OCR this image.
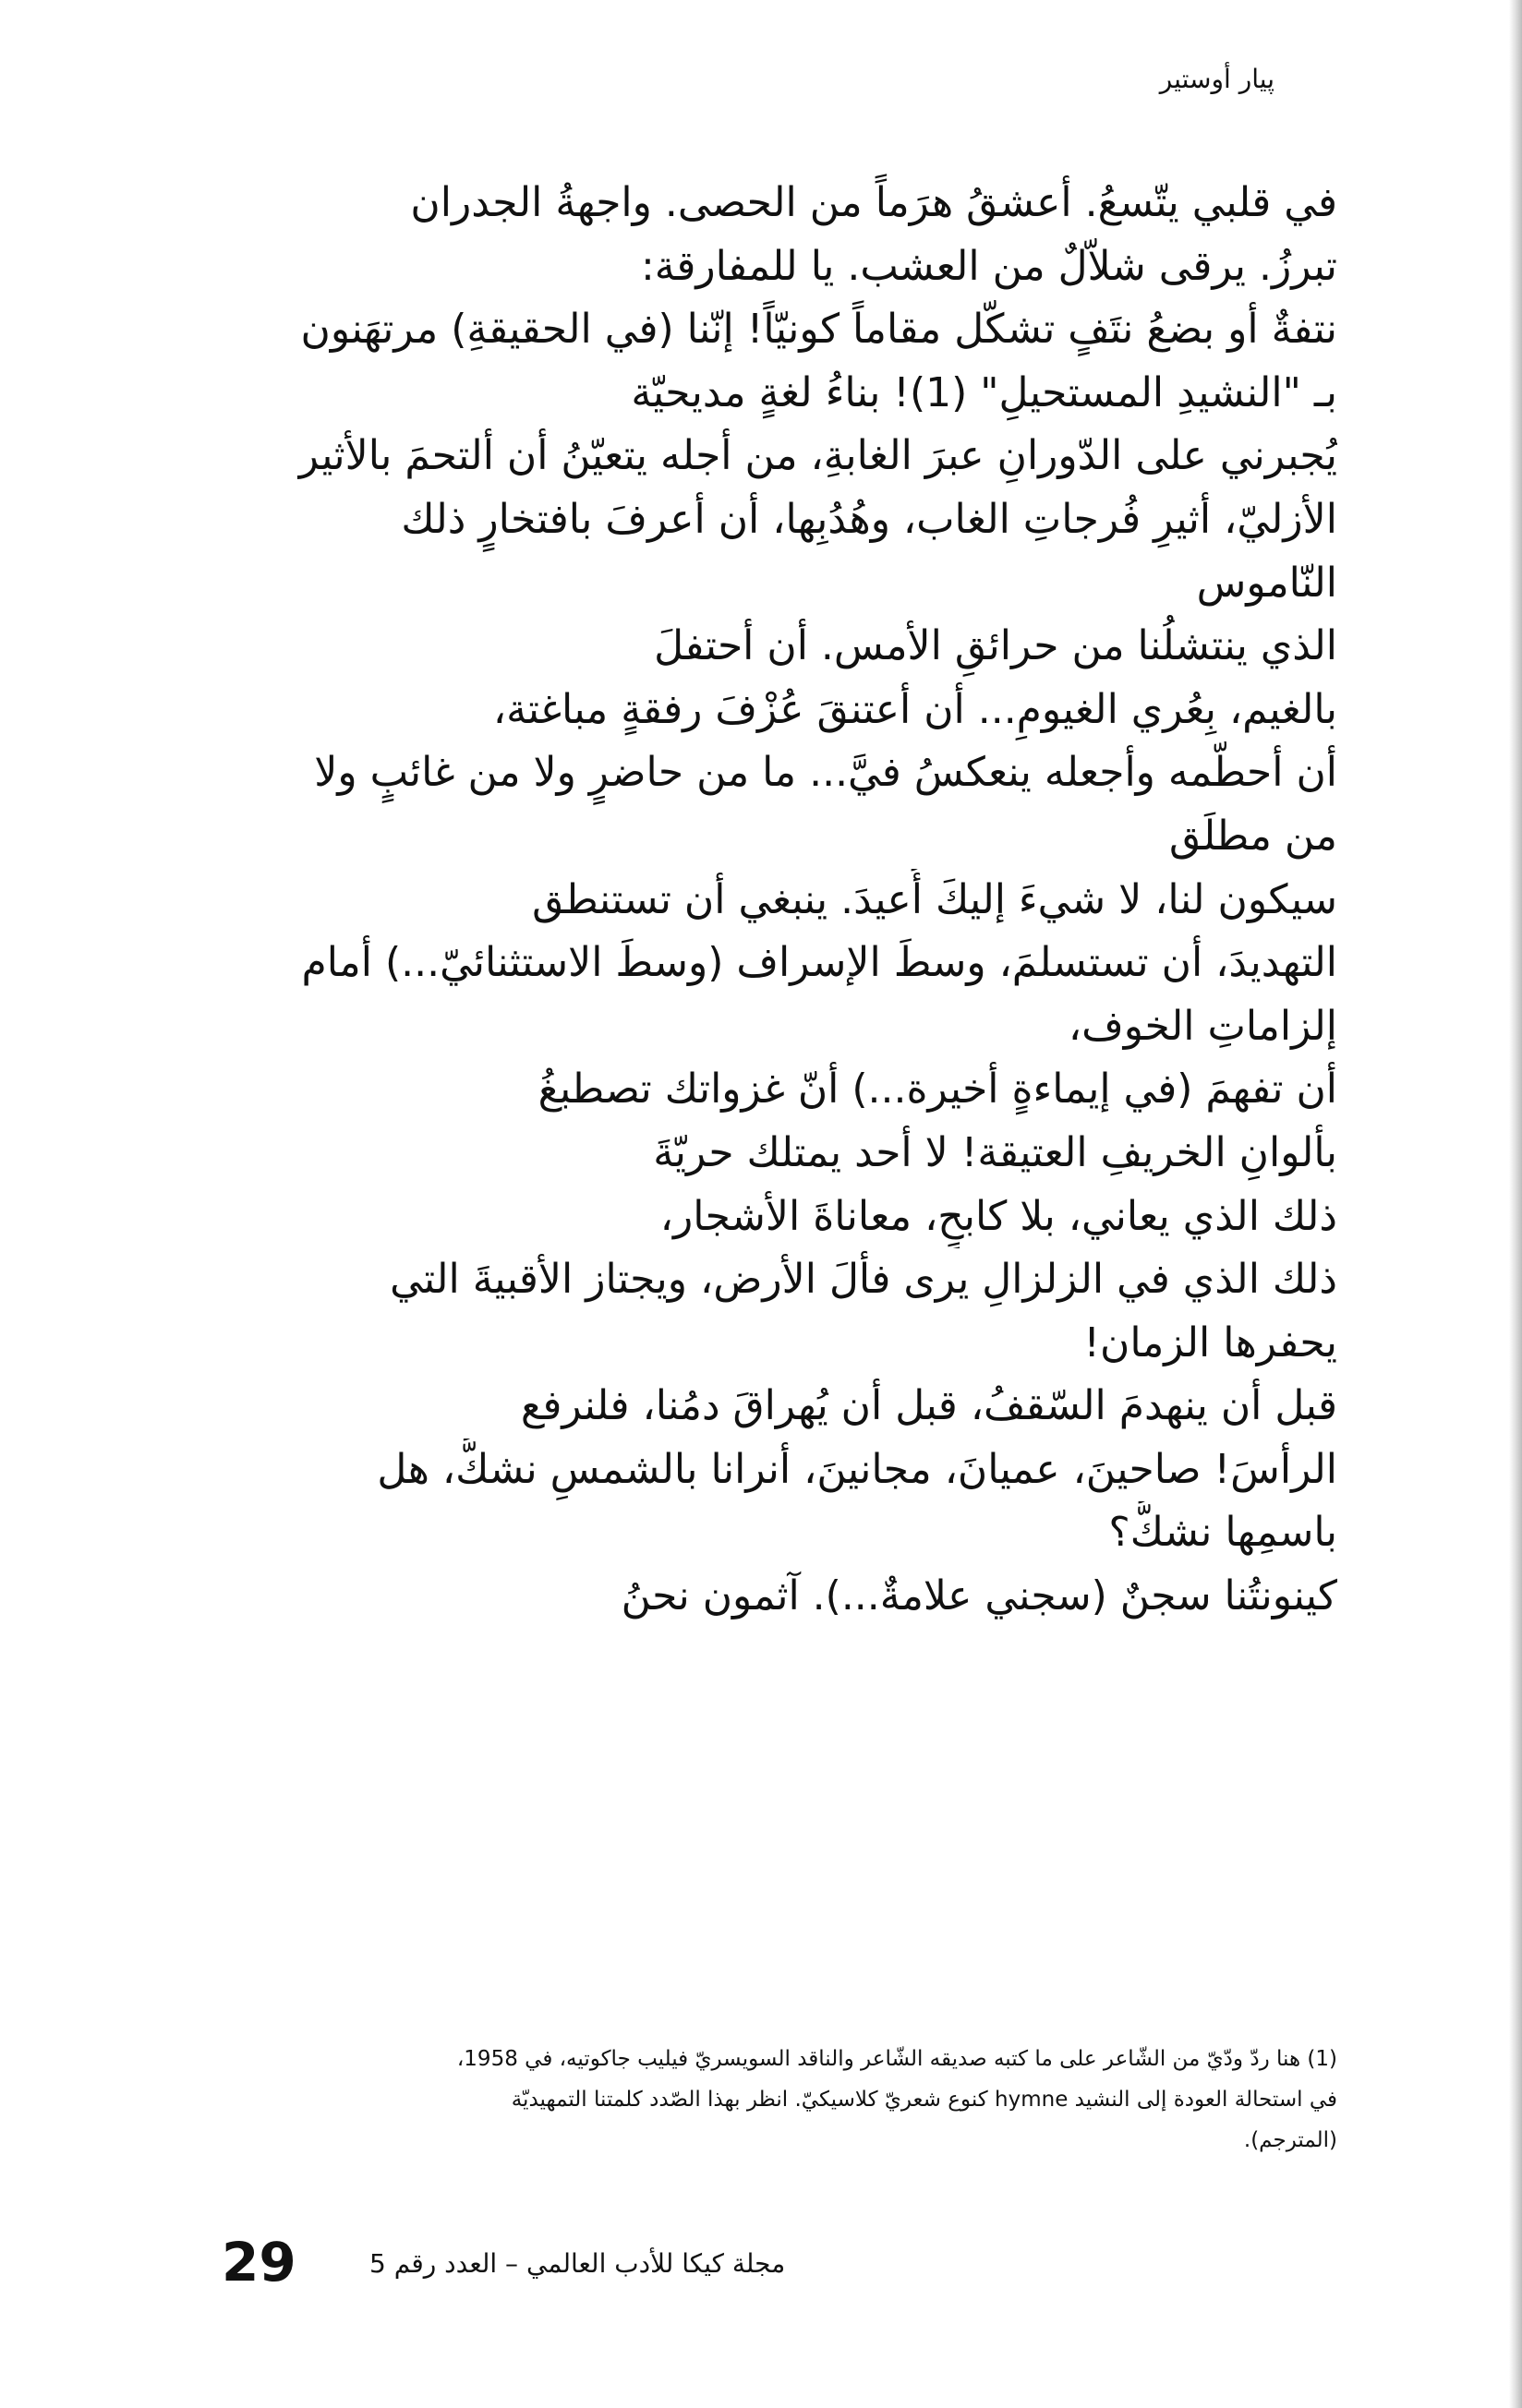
پيار أوستير
في قلبي يتّسعُ. أعشقُ هرَماً من الحصى. واجهةُ الجدران
تبرزُ. يرقى شلاّلٌ من العشب. يا للمفارقة:
نتفةٌ أو بضعُ نتَفٍ تشكّل مقاماً كونيّاً! إنّنا (في الحقيقةِ) مرتهَنون
بـ "النشيدِ المستحيلِ" (1)! بناءُ لغةٍ مديحيّة
يُجبرني على الدّورانِ عبرَ الغابةِ، من أجله يتعيّنُ أن ألتحمَ بالأثير
الأزليّ، أثيرِ فُرجاتِ الغاب، وهُدُبِها، أن أعرفَ بافتخارٍ ذلك
النّاموس
الذي ينتشلُنا من حرائقِ الأمس. أن أحتفلَ
بالغيم، بِعُري الغيومِ... أن أعتنقَ عُزْفَ رفقةٍ مباغتة،
أن أحطّمه وأجعله ينعكسُ فيَّ... ما من حاضرٍ ولا من غائبٍ ولا
من مطلَق
سيكون لنا، لا شيءَ إليكَ أُعيدَ. ينبغي أن تستنطق
التهديدَ، أن تستسلمَ، وسطَ الإسراف (وسطَ الاستثنائيّ...) أمام
إلزاماتِ الخوف،
أن تفهمَ (في إيماءةٍ أخيرة...) أنّ غزواتك تصطبغُ
بألوانِ الخريفِ العتيقة! لا أحد يمتلك حريّةَ
ذلك الذي يعاني، بلا كابحٍ، معاناةَ الأشجار،
ذلك الذي في الزلزالِ يرى فألَ الأرض، ويجتاز الأقبيةَ التي
يحفرها الزمان!
قبل أن ينهدمَ السّقفُ، قبل أن يُهراقَ دمُنا، فلنرفع
الرأسَ! صاحينَ، عميانَ، مجانينَ، أنرانا بالشمسِ نشكُّ، هل
باسمِها نشكُّ؟
كينونتُنا سجنٌ (سجني علامةٌ...). آثمون نحنُ
(1) هنا ردّ ودّيّ من الشّاعر على ما كتبه صديقه الشّاعر والناقد السويسريّ فيليب جاكوتيه، في 1958،
في استحالة العودة إلى النشيد hymne كنوع شعريّ كلاسيكيّ. انظر بهذا الصّدد كلمتنا التمهيديّة
(المترجم).
29	مجلة كيكا للأدب العالمي – العدد رقم 5
